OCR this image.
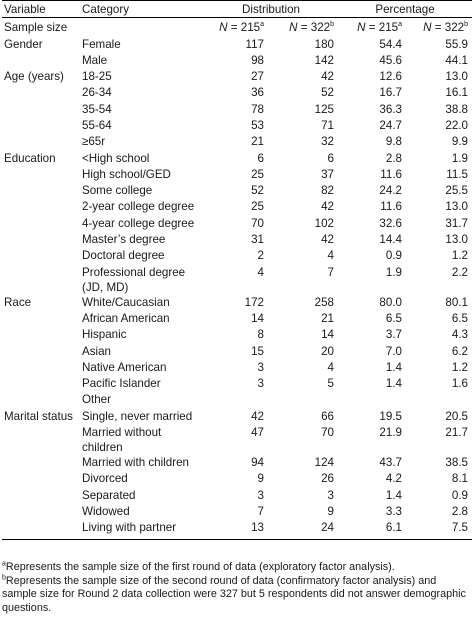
Variable	Category	Distribution		Percentage	
Sample size		$N = 215^a$	$N = 322^b$	$N = 215^a$	$N = 322^b$
Gender	Female	117	180	54.4	55.9
	Male	98	142	45.6	44.1
Age (years)	18-25	27	42	12.6	13.0
	26-34	36	52	16.7	16.1
	35-54	78	125	36.3	38.8
	55-64	53	71	24.7	22.0
	≥65r	21	32	9.8	9.9
Education	<High school	6	6	2.8	1.9
	High school/GED	25	37	11.6	11.5
	Some college	52	82	24.2	25.5
	2-year college degree	25	42	11.6	13.0
	4-year college degree	70	102	32.6	31.7
	Master’s degree	31	42	14.4	13.0
	Doctoral degree	2	4	0.9	1.2
	Professional degree (JD, MD)	4	7	1.9	2.2
Race	White/Caucasian	172	258	80.0	80.1
	African American	14	21	6.5	6.5
	Hispanic	8	14	3.7	4.3
	Asian	15	20	7.0	6.2
	Native American	3	4	1.4	1.2
	Pacific Islander	3	5	1.4	1.6
	Other				
Marital status	Single, never married	42	66	19.5	20.5
	Married without children	47	70	21.9	21.7
	Married with children	94	124	43.7	38.5
	Divorced	9	26	4.2	8.1
	Separated	3	3	1.4	0.9
	Widowed	7	9	3.3	2.8
	Living with partner	13	24	6.1	7.5
$^a$Represents the sample size of the first round of data (exploratory factor analysis).
$^b$Represents the sample size of the second round of data (confirmatory factor analysis) and sample size for Round 2 data collection were 327 but 5 respondents did not answer demographic questions.
